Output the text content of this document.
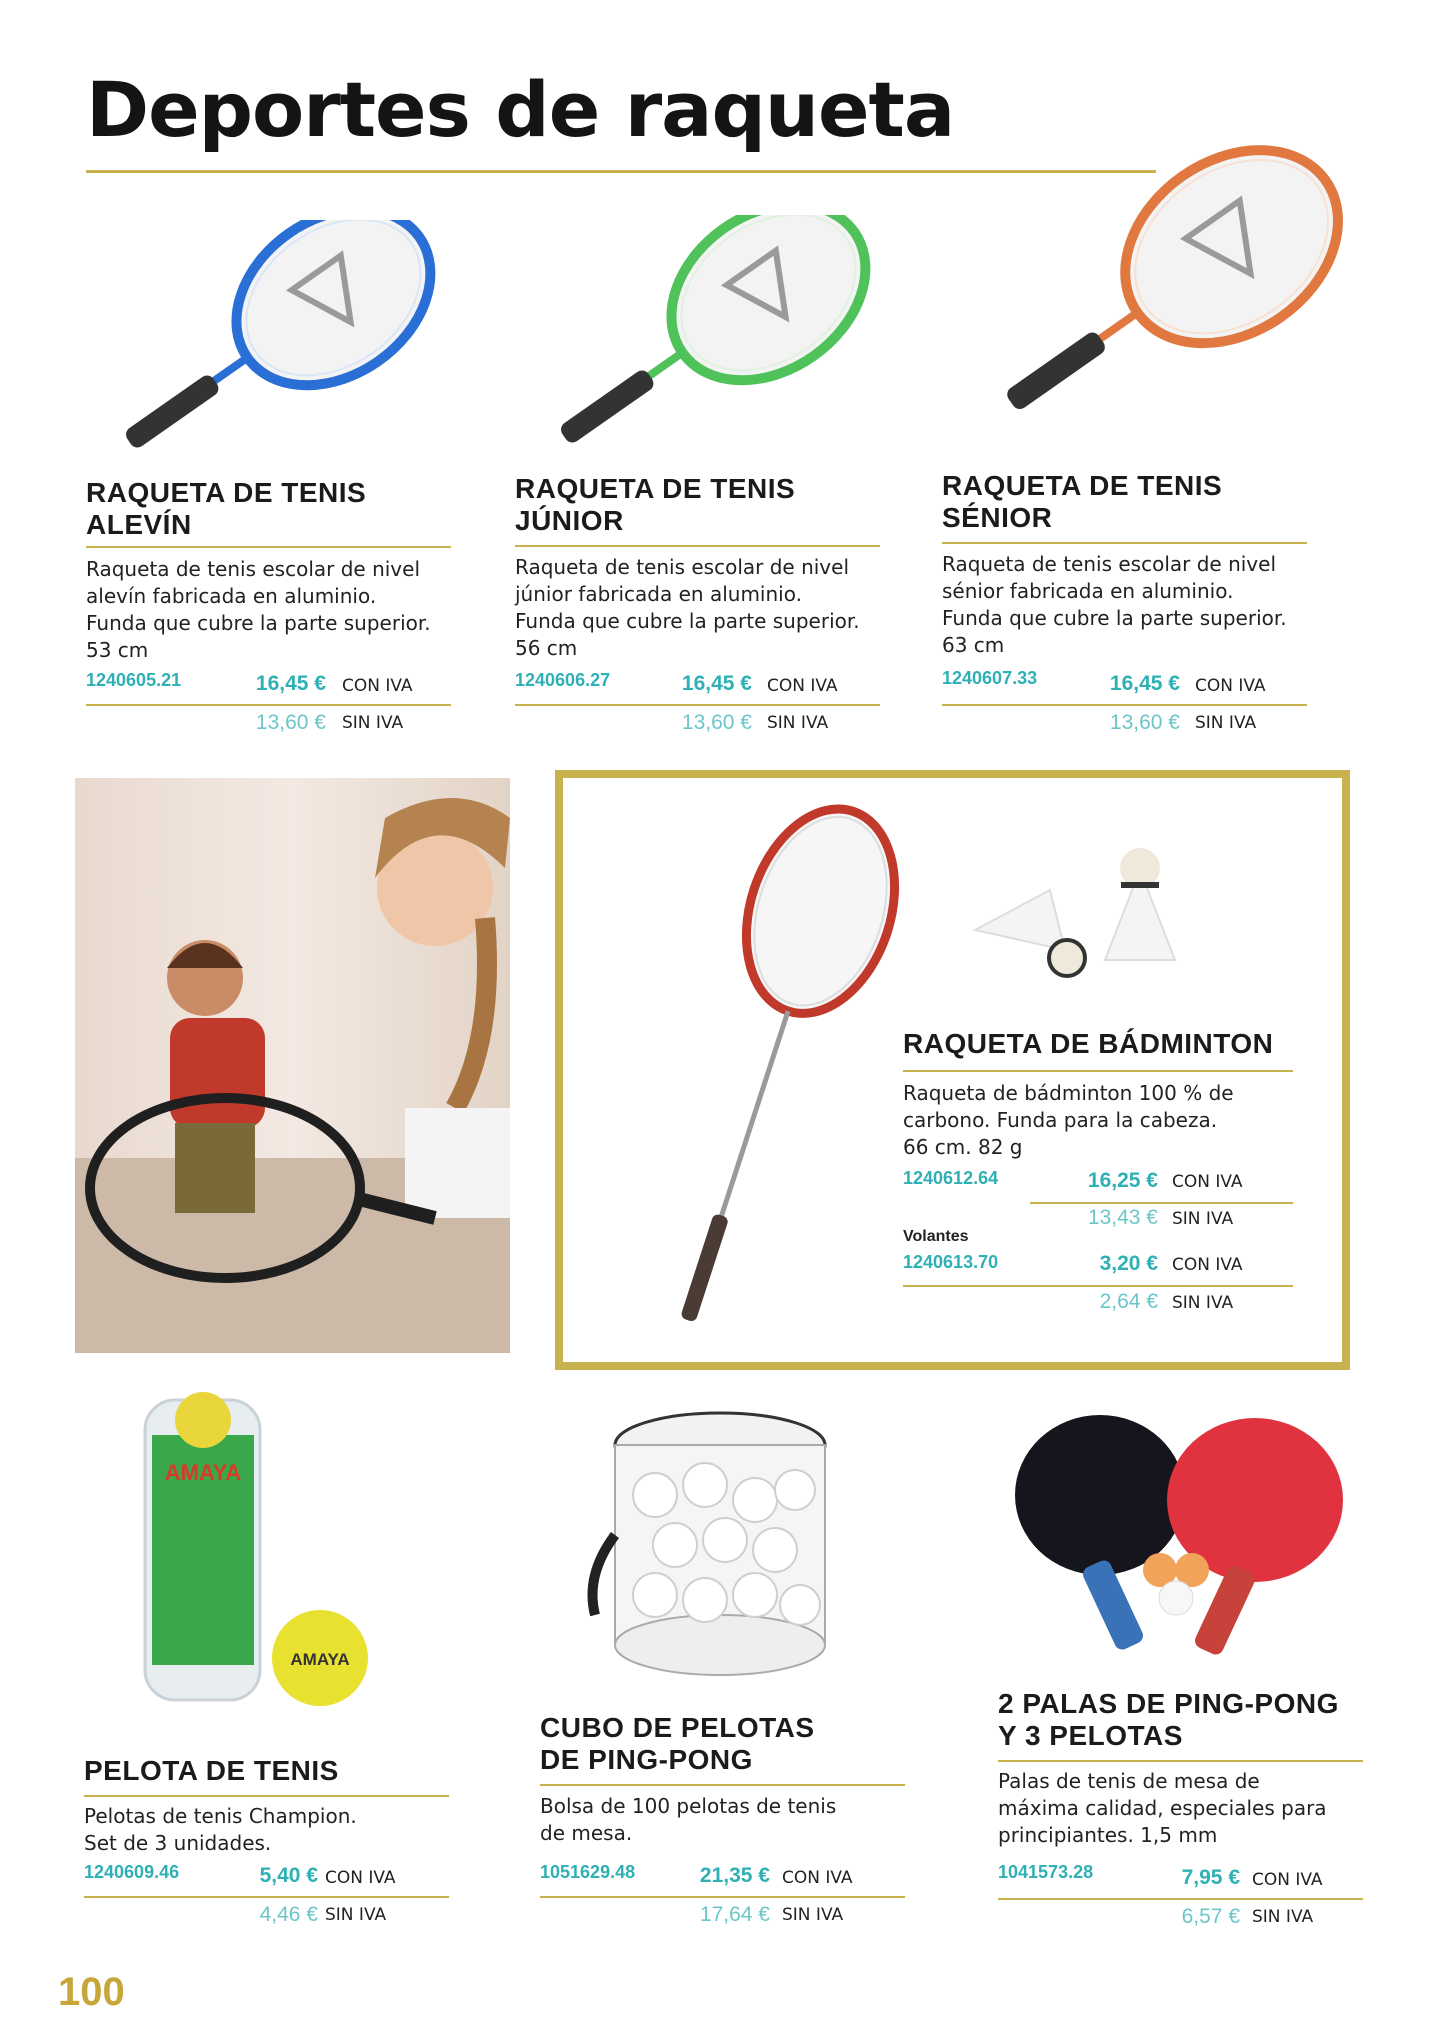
Deportes de raqueta
RAQUETA DE TENIS
ALEVÍN
Raqueta de tenis escolar de nivel
alevín fabricada en aluminio.
Funda que cubre la parte superior.
53 cm
1240605.21	16,45 € CON IVA
13,60 € SIN IVA
RAQUETA DE TENIS
JÚNIOR
Raqueta de tenis escolar de nivel
júnior fabricada en aluminio.
Funda que cubre la parte superior.
56 cm
1240606.27	16,45 € CON IVA
13,60 € SIN IVA
RAQUETA DE TENIS
SÉNIOR
Raqueta de tenis escolar de nivel
sénior fabricada en aluminio.
Funda que cubre la parte superior.
63 cm
1240607.33	16,45 € CON IVA
13,60 € SIN IVA
RAQUETA DE BÁDMINTON
Raqueta de bádminton 100 % de
carbono. Funda para la cabeza.
66 cm. 82 g
1240612.64	16,25 € CON IVA
13,43 € SIN IVA
Volantes
1240613.70	3,20 € CON IVA
2,64 € SIN IVA
AMAYA
AMAYA
PELOTA DE TENIS
Pelotas de tenis Champion.
Set de 3 unidades.
1240609.46	5,40 € CON IVA
4,46 € SIN IVA
CUBO DE PELOTAS
DE PING-PONG
Bolsa de 100 pelotas de tenis
de mesa.
1051629.48	21,35 € CON IVA
17,64 € SIN IVA
2 PALAS DE PING-PONG
Y 3 PELOTAS
Palas de tenis de mesa de
máxima calidad, especiales para
principiantes. 1,5 mm
1041573.28	7,95 € CON IVA
6,57 € SIN IVA
100
